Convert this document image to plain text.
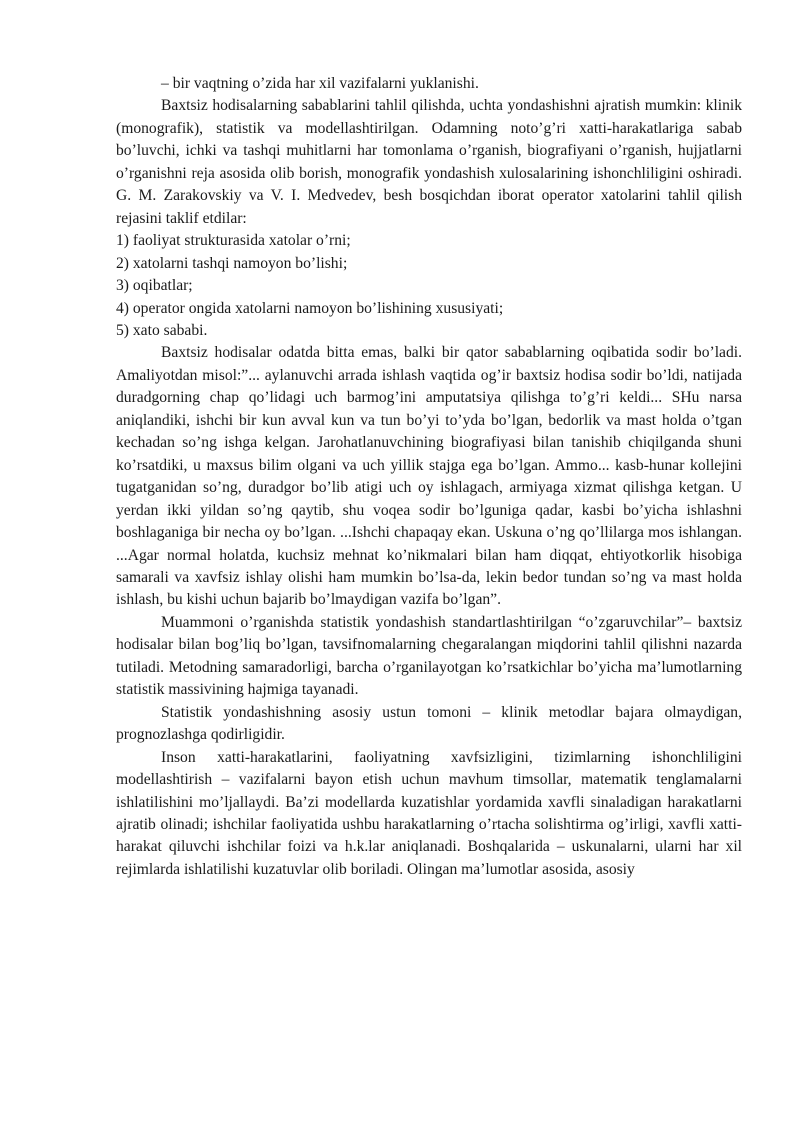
– bir vaqtning o’zida har xil vazifalarni yuklanishi.

Baxtsiz hodisalarning sabablarini tahlil qilishda, uchta yondashishni ajratish mumkin: klinik (monografik), statistik va modellashtirilgan. Odamning noto’g’ri xatti-harakatlariga sabab bo’luvchi, ichki va tashqi muhitlarni har tomonlama o’rganish, biografiyani o’rganish, hujjatlarni o’rganishni reja asosida olib borish, monografik yondashish xulosalarining ishonchliligini oshiradi. G. M. Zarakovskiy va V. I. Medvedev, besh bosqichdan iborat operator xatolarini tahlil qilish rejasini taklif etdilar:

1) faoliyat strukturasida xatolar o’rni;
2) xatolarni tashqi namoyon bo’lishi;
3) oqibatlar;
4) operator ongida xatolarni namoyon bo’lishining xususiyati;
5) xato sababi.

Baxtsiz hodisalar odatda bitta emas, balki bir qator sabablarning oqibatida sodir bo’ladi. Amaliyotdan misol:”... aylanuvchi arrada ishlash vaqtida og’ir baxtsiz hodisa sodir bo’ldi, natijada duradgorning chap qo’lidagi uch barmog’ini amputatsiya qilishga to’g’ri keldi... SHu narsa aniqlandiki, ishchi bir kun avval kun va tun bo’yi to’yda bo’lgan, bedorlik va mast holda o’tgan kechadan so’ng ishga kelgan. Jarohatlanuvchining biografiyasi bilan tanishib chiqilganda shuni ko’rsatdiki, u maxsus bilim olgani va uch yillik stajga ega bo’lgan. Ammo... kasb-hunar kollejini tugatganidan so’ng, duradgor bo’lib atigi uch oy ishlagach, armiyaga xizmat qilishga ketgan. U yerdan ikki yildan so’ng qaytib, shu voqea sodir bo’lguniga qadar, kasbi bo’yicha ishlashni boshlaganiga bir necha oy bo’lgan. ...Ishchi chapaqay ekan. Uskuna o’ng qo’llilarga mos ishlangan. ...Agar normal holatda, kuchsiz mehnat ko’nikmalari bilan ham diqqat, ehtiyotkorlik hisobiga samarali va xavfsiz ishlay olishi ham mumkin bo’lsa-da, lekin bedor tundan so’ng va mast holda ishlash, bu kishi uchun bajarib bo’lmaydigan vazifa bo’lgan”.

Muammoni o’rganishda statistik yondashish standartlashtirilgan “o’zgaruvchilar”– baxtsiz hodisalar bilan bog’liq bo’lgan, tavsifnomalarning chegaralangan miqdorini tahlil qilishni nazarda tutiladi. Metodning samaradorligi, barcha o’rganilayotgan ko’rsatkichlar bo’yicha ma’lumotlarning statistik massivining hajmiga tayanadi.

Statistik yondashishning asosiy ustun tomoni – klinik metodlar bajara olmaydigan, prognozlashga qodirligidir.

Inson xatti-harakatlarini, faoliyatning xavfsizligini, tizimlarning ishonchliligini modellashtirish – vazifalarni bayon etish uchun mavhum timsollar, matematik tenglamalarni ishlatilishini mo’ljallaydi. Ba’zi modellarda kuzatishlar yordamida xavfli sinaladigan harakatlarni ajratib olinadi; ishchilar faoliyatida ushbu harakatlarning o’rtacha solishtirma og’irligi, xavfli xatti-harakat qiluvchi ishchilar foizi va h.k.lar aniqlanadi. Boshqalarida – uskunalarni, ularni har xil rejimlarda ishlatilishi kuzatuvlar olib boriladi. Olingan ma’lumotlar asosida, asosiy
